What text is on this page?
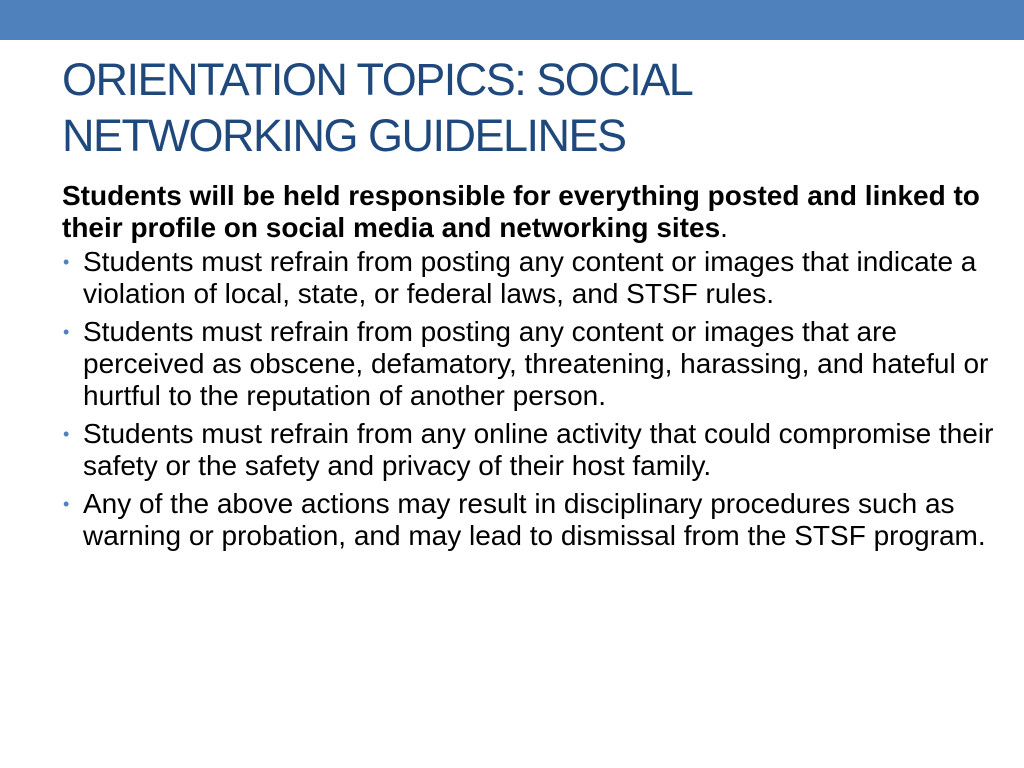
ORIENTATION TOPICS: SOCIAL
NETWORKING GUIDELINES

Students will be held responsible for everything posted and linked to their profile on social media and networking sites.

• Students must refrain from posting any content or images that indicate a violation of local, state, or federal laws, and STSF rules.
• Students must refrain from posting any content or images that are perceived as obscene, defamatory, threatening, harassing, and hateful or hurtful to the reputation of another person.
• Students must refrain from any online activity that could compromise their safety or the safety and privacy of their host family.
• Any of the above actions may result in disciplinary procedures such as warning or probation, and may lead to dismissal from the STSF program.
